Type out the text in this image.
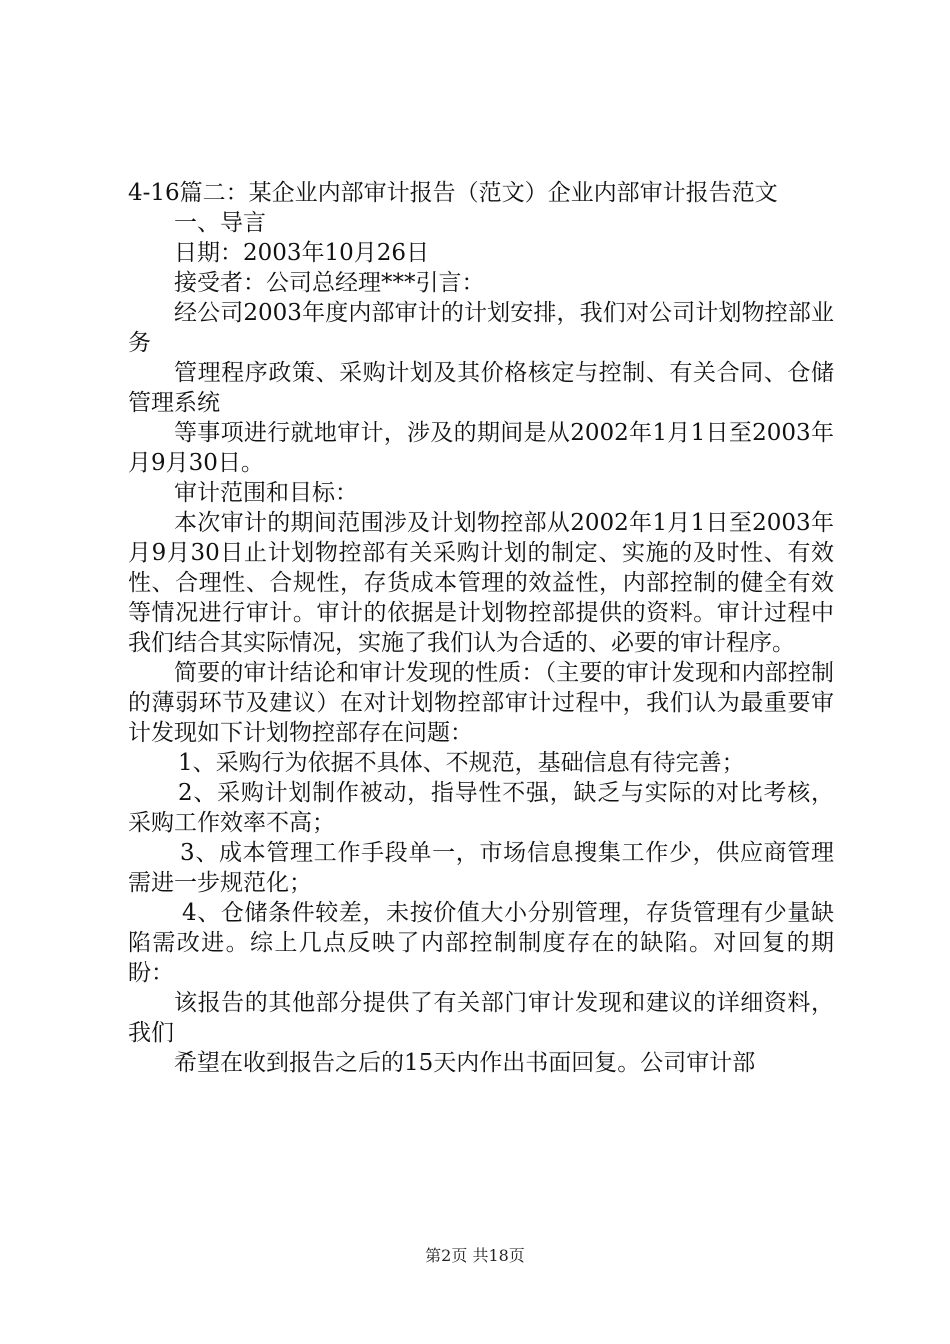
4-16篇二：某企业内部审计报告（范文）企业内部审计报告范文

一、导言

日期：2003年10月26日

接受者：公司总经理***引言：

经公司2003年度内部审计的计划安排，我们对公司计划物控部业务

管理程序政策、采购计划及其价格核定与控制、有关合同、仓储管理系统

等事项进行就地审计，涉及的期间是从2002年1月1日至2003年月9月30日。

审计范围和目标：

本次审计的期间范围涉及计划物控部从2002年1月1日至2003年月9月30日止计划物控部有关采购计划的制定、实施的及时性、有效性、合理性、合规性，存货成本管理的效益性，内部控制的健全有效等情况进行审计。审计的依据是计划物控部提供的资料。审计过程中我们结合其实际情况，实施了我们认为合适的、必要的审计程序。

简要的审计结论和审计发现的性质：（主要的审计发现和内部控制的薄弱环节及建议）在对计划物控部审计过程中，我们认为最重要审计发现如下计划物控部存在问题：

1、采购行为依据不具体、不规范，基础信息有待完善；

2、采购计划制作被动，指导性不强，缺乏与实际的对比考核，采购工作效率不高；

3、成本管理工作手段单一，市场信息搜集工作少，供应商管理需进一步规范化；

4、仓储条件较差，未按价值大小分别管理，存货管理有少量缺陷需改进。综上几点反映了内部控制制度存在的缺陷。对回复的期盼：

该报告的其他部分提供了有关部门审计发现和建议的详细资料，我们

希望在收到报告之后的15天内作出书面回复。公司审计部

第2页 共18页
